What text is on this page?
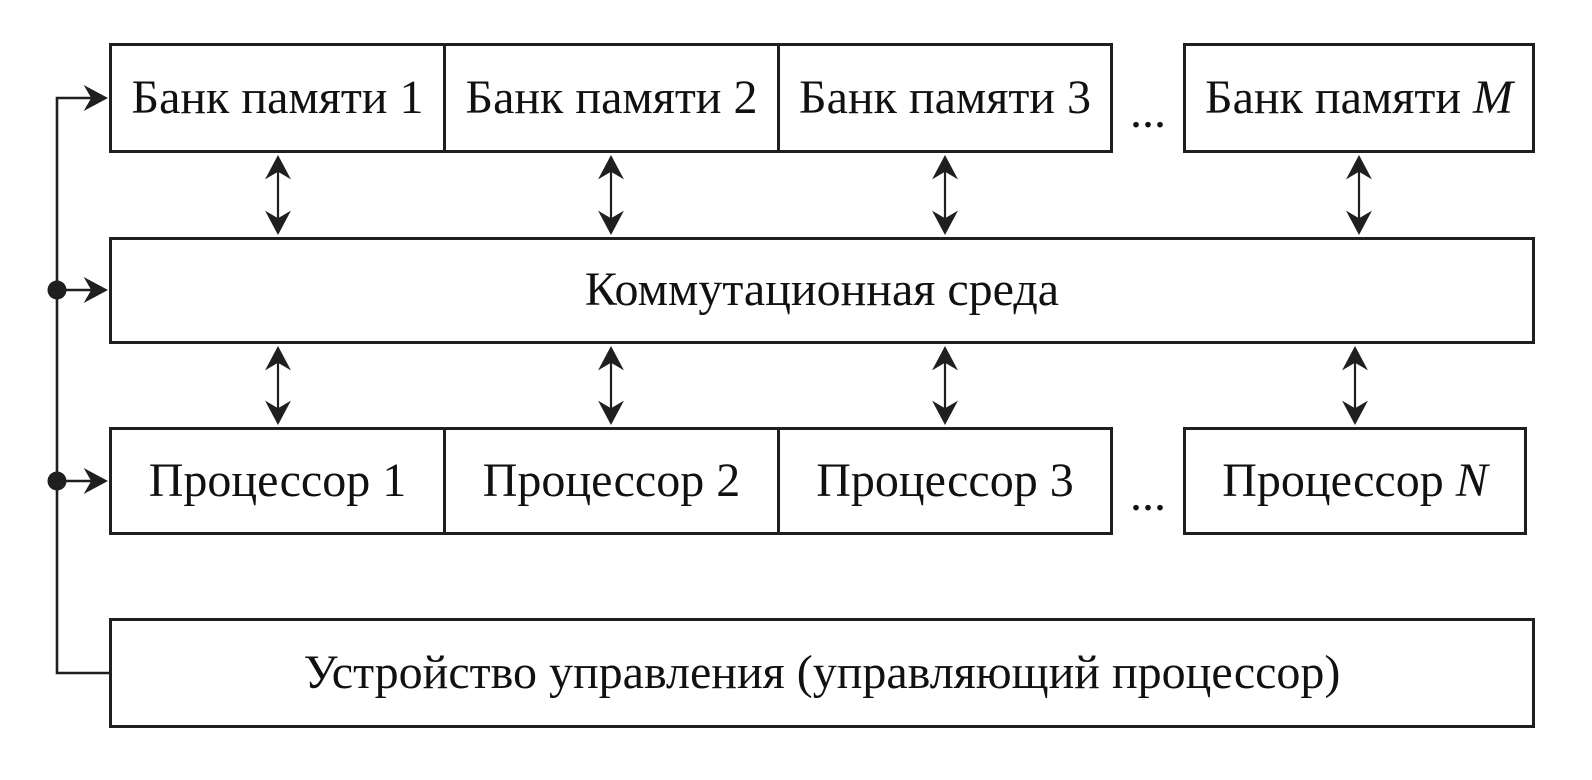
Банк памяти 1 Банк памяти 2 Банк памяти 3 ... Банк памяти M
Коммутационная среда
Процессор 1 Процессор 2 Процессор 3	...	Процессор N
Устройство управления (управляющий процессор)
